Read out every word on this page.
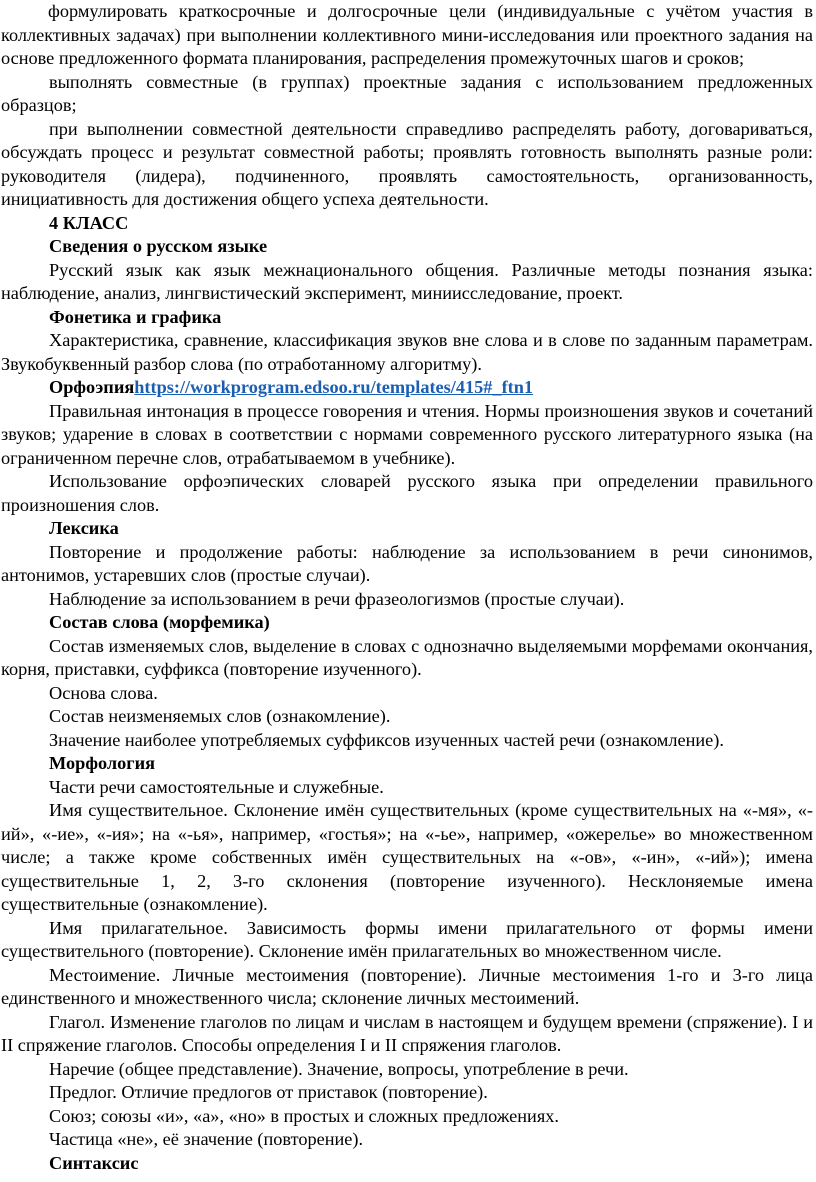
формулировать краткосрочные и долгосрочные цели (индивидуальные с учётом участия в коллективных задачах) при выполнении коллективного мини-исследования или проектного задания на основе предложенного формата планирования, распределения промежуточных шагов и сроков;

выполнять совместные (в группах) проектные задания с использованием предложенных образцов;

при выполнении совместной деятельности справедливо распределять работу, договариваться, обсуждать процесс и результат совместной работы; проявлять готовность выполнять разные роли: руководителя (лидера), подчиненного, проявлять самостоятельность, организованность, инициативность для достижения общего успеха деятельности.

4 КЛАСС

Сведения о русском языке

Русский язык как язык межнационального общения. Различные методы познания языка: наблюдение, анализ, лингвистический эксперимент, миниисследование, проект.

Фонетика и графика

Характеристика, сравнение, классификация звуков вне слова и в слове по заданным параметрам. Звукобуквенный разбор слова (по отработанному алгоритму).

Орфоэпияhttps://workprogram.edsoo.ru/templates/415#_ftn1

Правильная интонация в процессе говорения и чтения. Нормы произношения звуков и сочетаний звуков; ударение в словах в соответствии с нормами современного русского литературного языка (на ограниченном перечне слов, отрабатываемом в учебнике).

Использование орфоэпических словарей русского языка при определении правильного произношения слов.

Лексика

Повторение и продолжение работы: наблюдение за использованием в речи синонимов, антонимов, устаревших слов (простые случаи).

Наблюдение за использованием в речи фразеологизмов (простые случаи).

Состав слова (морфемика)

Состав изменяемых слов, выделение в словах с однозначно выделяемыми морфемами окончания, корня, приставки, суффикса (повторение изученного).

Основа слова.

Состав неизменяемых слов (ознакомление).

Значение наиболее употребляемых суффиксов изученных частей речи (ознакомление).

Морфология

Части речи самостоятельные и служебные.

Имя существительное. Склонение имён существительных (кроме существительных на «-мя», «-ий», «-ие», «-ия»; на «-ья», например, «гостья»; на «-ье», например, «ожерелье» во множественном числе; а также кроме собственных имён существительных на «-ов», «-ин», «-ий»); имена существительные 1, 2, 3-го склонения (повторение изученного). Несклоняемые имена существительные (ознакомление).

Имя прилагательное. Зависимость формы имени прилагательного от формы имени существительного (повторение). Склонение имён прилагательных во множественном числе.

Местоимение. Личные местоимения (повторение). Личные местоимения 1-го и 3-го лица единственного и множественного числа; склонение личных местоимений.

Глагол. Изменение глаголов по лицам и числам в настоящем и будущем времени (спряжение). I и II спряжение глаголов. Способы определения I и II спряжения глаголов.

Наречие (общее представление). Значение, вопросы, употребление в речи.

Предлог. Отличие предлогов от приставок (повторение).

Союз; союзы «и», «а», «но» в простых и сложных предложениях.

Частица «не», её значение (повторение).

Синтаксис
